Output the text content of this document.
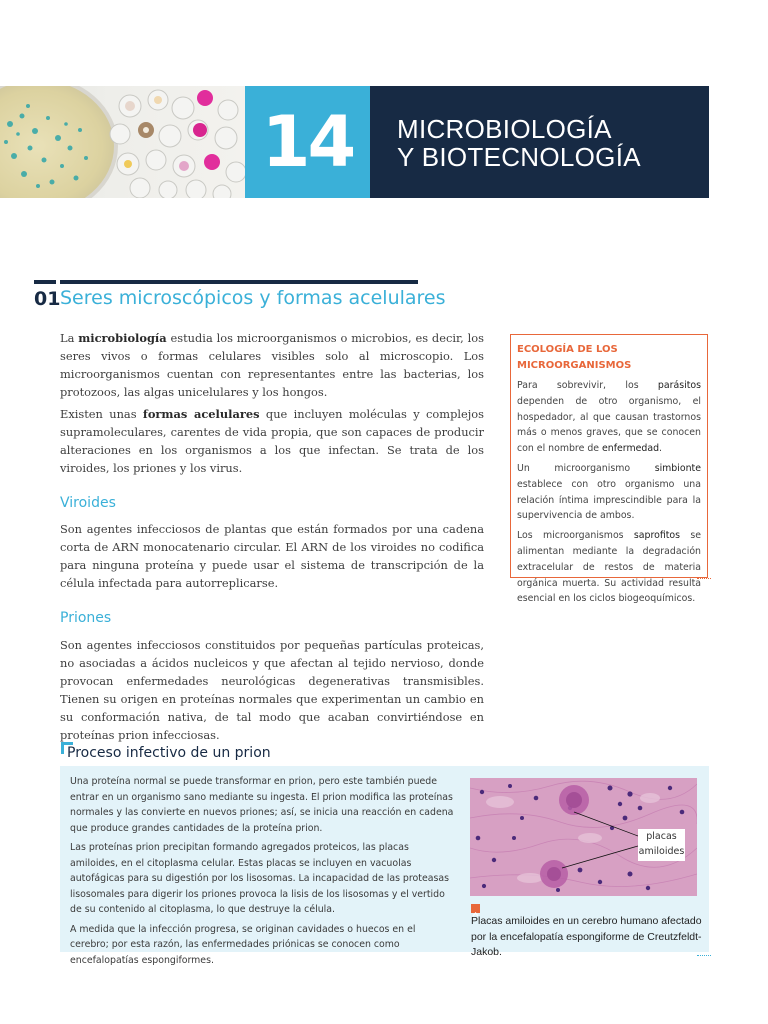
14	MICROBIOLOGÍA
Y BIOTECNOLOGÍA
01 Seres microscópicos y formas acelulares
La microbiología estudia los microorganismos o microbios, es decir, los seres vivos o formas celulares visibles solo al microscopio. Los microorganismos cuentan con representantes entre las bacterias, los protozoos, las algas unicelulares y los hongos.
Existen unas formas acelulares que incluyen moléculas y complejos supramoleculares, carentes de vida propia, que son capaces de producir alteraciones en los organismos a los que infectan. Se trata de los viroides, los priones y los virus.
Viroides
Son agentes infecciosos de plantas que están formados por una cadena corta de ARN monocatenario circular. El ARN de los viroides no codifica para ninguna proteína y puede usar el sistema de transcripción de la célula infectada para autorreplicarse.
Priones
Son agentes infecciosos constituidos por pequeñas partículas proteicas, no asociadas a ácidos nucleicos y que afectan al tejido nervioso, donde provocan enfermedades neurológicas degenerativas transmisibles. Tienen su origen en proteínas normales que experimentan un cambio en su conformación nativa, de tal modo que acaban convirtiéndose en proteínas prion infecciosas.
ECOLOGÍA DE LOS
MICROORGANISMOS

Para sobrevivir, los parásitos dependen de otro organismo, el hospedador, al que causan trastornos más o menos graves, que se conocen con el nombre de enfermedad.

Un microorganismo simbionte establece con otro organismo una relación íntima imprescindible para la supervivencia de ambos.

Los microorganismos saprofitos se alimentan mediante la degradación extracelular de restos de materia orgánica muerta. Su actividad resulta esencial en los ciclos biogeoquímicos.

Proceso infectivo de un prion

Una proteína normal se puede transformar en prion, pero este también puede entrar en un organismo sano mediante su ingesta. El prion modifica las proteínas normales y las convierte en nuevos priones; así, se inicia una reacción en cadena que produce grandes cantidades de la proteína prion.

Las proteínas prion precipitan formando agregados proteicos, las placas amiloides, en el citoplasma celular. Estas placas se incluyen en vacuolas autofágicas para su digestión por los lisosomas. La incapacidad de las proteasas lisosomales para digerir los priones provoca la lisis de los lisosomas y el vertido de su contenido al citoplasma, lo que destruye la célula.

A medida que la infección progresa, se originan cavidades o huecos en el cerebro; por esta razón, las enfermedades priónicas se conocen como encefalopatías espongiformes.

placas
amiloides
Placas amiloides en un cerebro humano afectado por la encefalopatía espongiforme de Creutzfeldt-Jakob.
